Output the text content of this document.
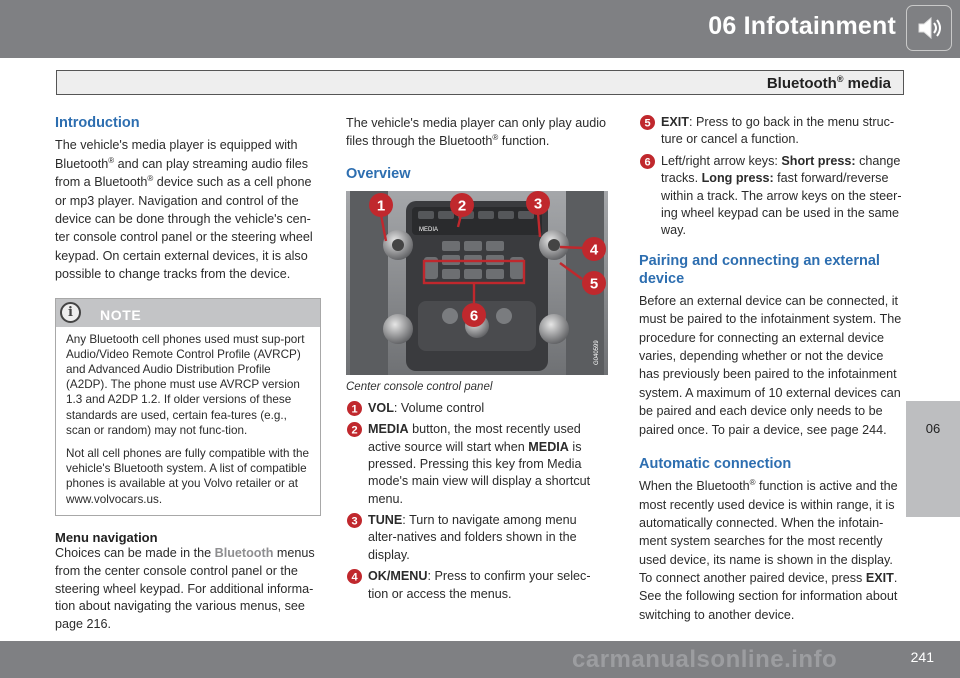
06 Infotainment
Bluetooth® media
06
Introduction

The vehicle's media player is equipped with Bluetooth® and can play streaming audio files from a Bluetooth® device such as a cell phone or mp3 player. Navigation and control of the device can be done through the vehicle's cen-ter console control panel or the steering wheel keypad. On certain external devices, it is also possible to change tracks from the device.

i	NOTE

Any Bluetooth cell phones used must sup-port Audio/Video Remote Control Profile (AVRCP) and Advanced Audio Distribution Profile (A2DP). The phone must use AVRCP version 1.3 and A2DP 1.2. If older versions of these standards are used, certain fea-tures (e.g., scan or random) may not func-tion.

Not all cell phones are fully compatible with the vehicle's Bluetooth system. A list of compatible phones is available at you Volvo retailer or at www.volvocars.us.

Menu navigation

Choices can be made in the Bluetooth menus from the center console control panel or the steering wheel keypad. For additional informa-tion about navigating the various menus, see page 216.

The vehicle's media player can only play audio files through the Bluetooth® function.

Overview
MEDIA
1	2	3
4
5
6
G040599
Center console control panel
1 VOL: Volume control
2 MEDIA button, the most recently used active source will start when MEDIA is pressed. Pressing this key from Media mode's main view will display a shortcut menu.
3 TUNE: Turn to navigate among menu alter-natives and folders shown in the display.
4 OK/MENU: Press to confirm your selec-tion or access the menus.
5 EXIT: Press to go back in the menu struc-ture or cancel a function.
6 Left/right arrow keys: Short press: change tracks. Long press: fast forward/reverse within a track. The arrow keys on the steer-ing wheel keypad can be used in the same way.
Pairing and connecting an external device

Before an external device can be connected, it must be paired to the infotainment system. The procedure for connecting an external device varies, depending whether or not the device has previously been paired to the infotainment system. A maximum of 10 external devices can be paired and each device only needs to be paired once. To pair a device, see page 244.

Automatic connection

When the Bluetooth® function is active and the most recently used device is within range, it is automatically connected. When the infotain-ment system searches for the most recently used device, its name is shown in the display. To connect another paired device, press EXIT. See the following section for information about switching to another device.

241
carmanualsonline.info
